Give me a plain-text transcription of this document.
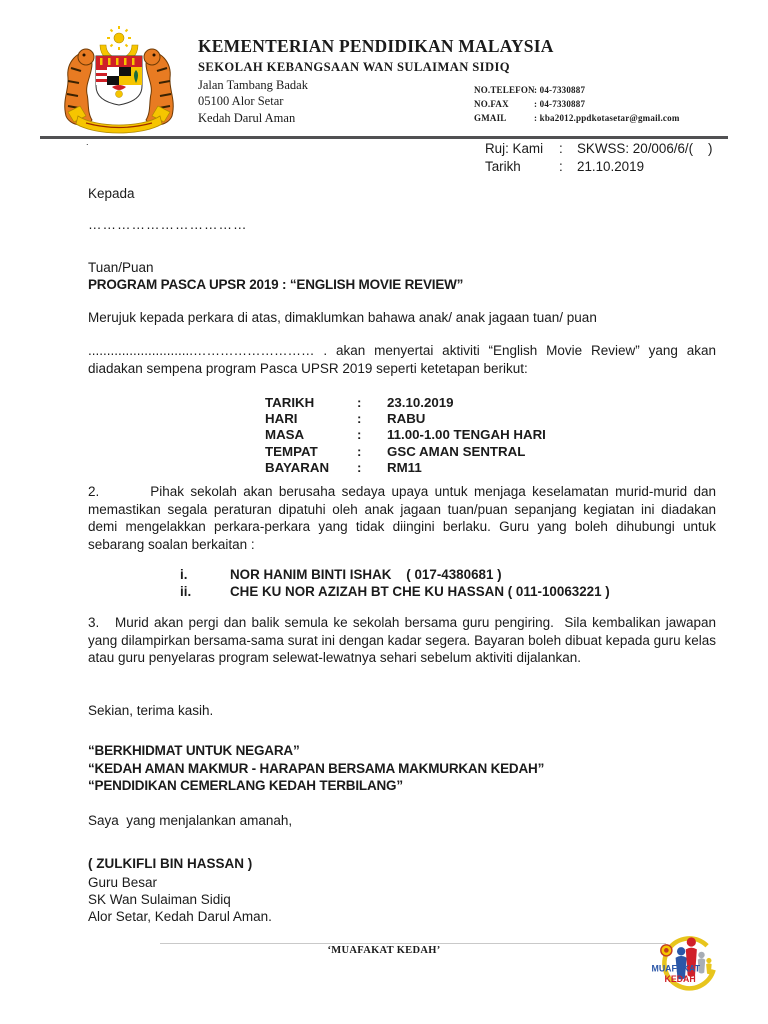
KEMENTERIAN PENDIDIKAN MALAYSIA
SEKOLAH KEBANGSAAN WAN SULAIMAN SIDIQ
Jalan Tambang Badak
05100 Alor Setar
Kedah Darul Aman
NO.TELEFON : 04-7330887
NO.FAX	: 04-7330887
GMAIL	: kba2012.ppdkotasetar@gmail.com
.	Ruj: Kami	:	SKWSS: 20/006/6/(    )
Tarikh	:	21.10.2019
Kepada
……………………………
Tuan/Puan
PROGRAM PASCA UPSR 2019 : “ENGLISH MOVIE REVIEW”
Merujuk kepada perkara di atas, dimaklumkan bahawa anak/ anak jagaan tuan/ puan
............................……………………… . akan menyertai aktiviti “English Movie Review” yang akan diadakan sempena program Pasca UPSR 2019 seperti ketetapan berikut:
TARIKH	:	23.10.2019
HARI	:	RABU
MASA	:	11.00-1.00 TENGAH HARI
TEMPAT	:	GSC AMAN SENTRAL
BAYARAN	:	RM11
2.        Pihak sekolah akan berusaha sedaya upaya untuk menjaga keselamatan murid-murid dan memastikan segala peraturan dipatuhi oleh anak jagaan tuan/puan sepanjang kegiatan ini diadakan demi mengelakkan perkara-perkara yang tidak diingini berlaku. Guru yang boleh dihubungi untuk sebarang soalan berkaitan :
i.	NOR HANIM BINTI ISHAK    ( 017-4380681 )
ii.	CHE KU NOR AZIZAH BT CHE KU HASSAN ( 011-10063221 )
3.   Murid akan pergi dan balik semula ke sekolah bersama guru pengiring.  Sila kembalikan jawapan yang dilampirkan bersama-sama surat ini dengan kadar segera. Bayaran boleh dibuat kepada guru kelas atau guru penyelaras program selewat-lewatnya sehari sebelum aktiviti dijalankan.
Sekian, terima kasih.
“BERKHIDMAT UNTUK NEGARA”
“KEDAH AMAN MAKMUR - HARAPAN BERSAMA MAKMURKAN KEDAH”
“PENDIDIKAN CEMERLANG KEDAH TERBILANG”
Saya  yang menjalankan amanah,
( ZULKIFLI BIN HASSAN )
Guru Besar
SK Wan Sulaiman Sidiq
Alor Setar, Kedah Darul Aman.
‘MUAFAKAT KEDAH’
MUAFAKAT
KEDAH
